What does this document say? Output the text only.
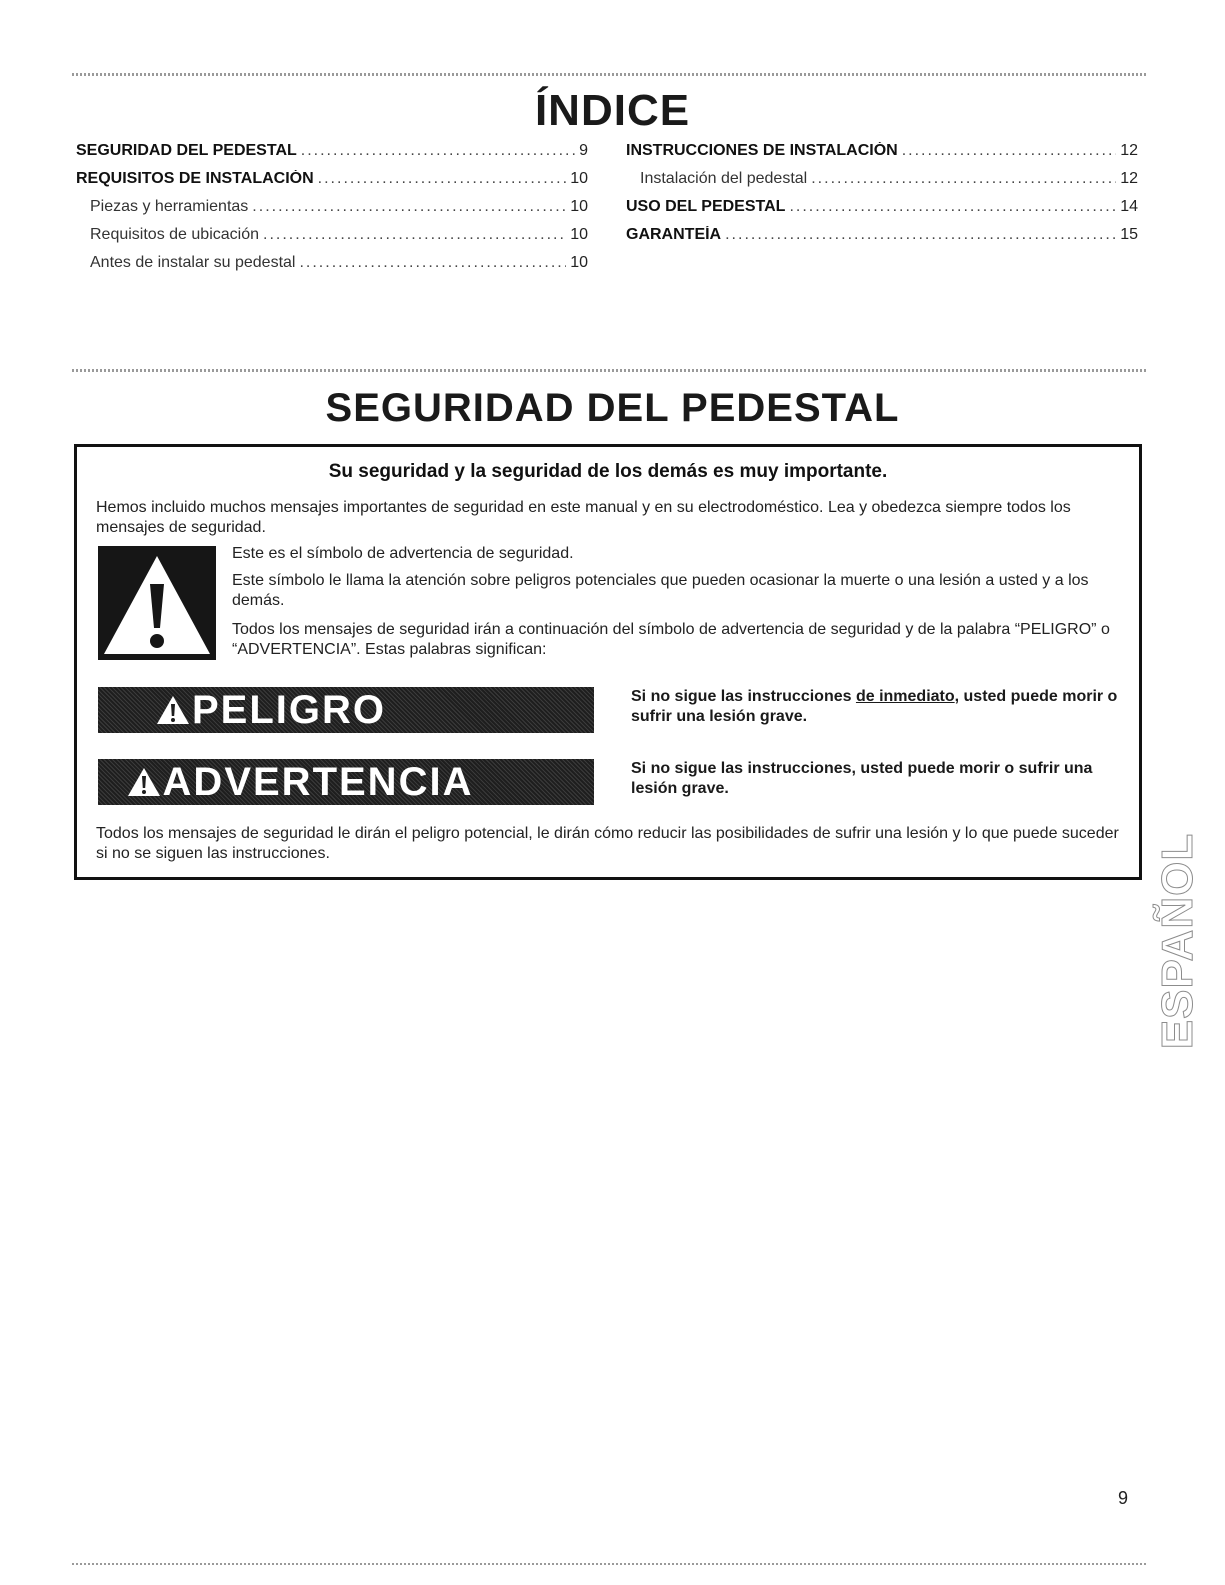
ÍNDICE
SEGURIDAD DEL PEDESTAL .....	9
REQUISITOS DE INSTALACIÓN .....	10
Piezas y herramientas .....	10
Requisitos de ubicación .....	10
Antes de instalar su pedestal .....	10
INSTRUCCIONES DE INSTALACIÓN .....	12
Instalación del pedestal .....	12
USO DEL PEDESTAL .....	14
GARANTEÍA .....	15
SEGURIDAD DEL PEDESTAL
Su seguridad y la seguridad de los demás es muy importante.
Hemos incluido muchos mensajes importantes de seguridad en este manual y en su electrodoméstico. Lea y obedezca siempre todos los mensajes de seguridad.
Este es el símbolo de advertencia de seguridad.
Este símbolo le llama la atención sobre peligros potenciales que pueden ocasionar la muerte o una lesión a usted y a los demás.
Todos los mensajes de seguridad irán a continuación del símbolo de advertencia de seguridad y de la palabra “PELIGRO” o “ADVERTENCIA”. Estas palabras significan:
PELIGRO	Si no sigue las instrucciones de inmediato, usted puede morir o sufrir una lesión grave.
ADVERTENCIA	Si no sigue las instrucciones, usted puede morir o sufrir una lesión grave.
Todos los mensajes de seguridad le dirán el peligro potencial, le dirán cómo reducir las posibilidades de sufrir una lesión y lo que puede suceder si no se siguen las instrucciones.	ESPAÑOL
9
